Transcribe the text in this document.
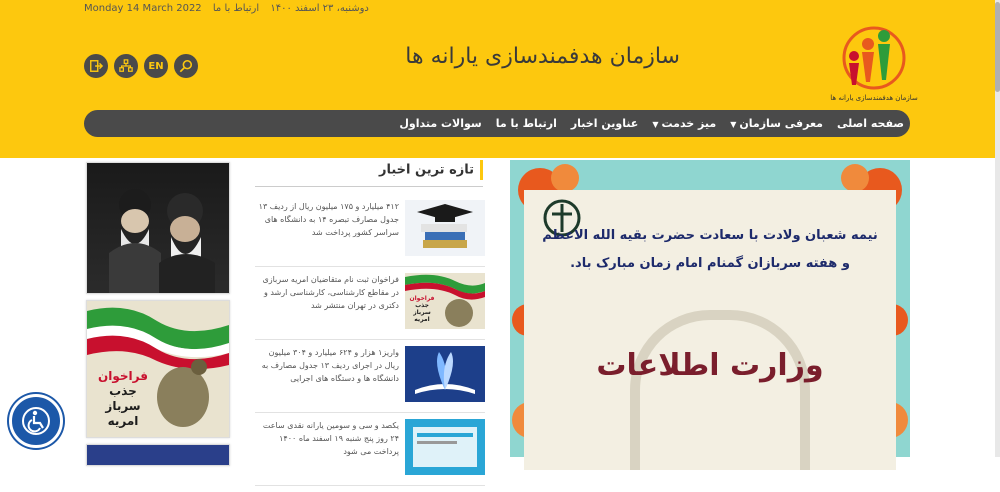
Monday 14 March 2022	دوشنبه، ۲۳ اسفند ۱۴۰۰ ارتباط با ما
EN	سازمان هدفمندسازی یارانه ها
سازمان هدفمندسازی یارانه ها
صفحه اصلی
معرفی سازمان▼
میز خدمت▼
عناوین اخبار
ارتباط با ما
سوالات متداول
فراخوان
جذب
سرباز
امریه
تازه ترین اخبار
۴۱۲ میلیارد و ۱۷۵ میلیون ریال از ردیف ۱۳ جدول مصارف تبصره ۱۴ به دانشگاه های سراسر کشور پرداخت شد
فراخوان
جذب
سرباز
امریه
فراخوان ثبت نام متقاضیان امریه سربازی در مقاطع کارشناسی، کارشناسی ارشد و دکتری در تهران منتشر شد
واریز۱ هزار و ۶۲۴ میلیارد و ۳۰۴ میلیون ریال در اجرای ردیف ۱۳ جدول مصارف به دانشگاه ها و دستگاه های اجرایی
یکصد و سی و سومین یارانه نقدی ساعت ۲۴ روز پنج شنبه ۱۹ اسفند ماه ۱۴۰۰ پرداخت می شود
نیمه شعبان ولادت با سعادت حضرت بقیه الله الاعظم
و هفته سربازان گمنام امام زمان مبارک باد.
وزارت اطلاعات
